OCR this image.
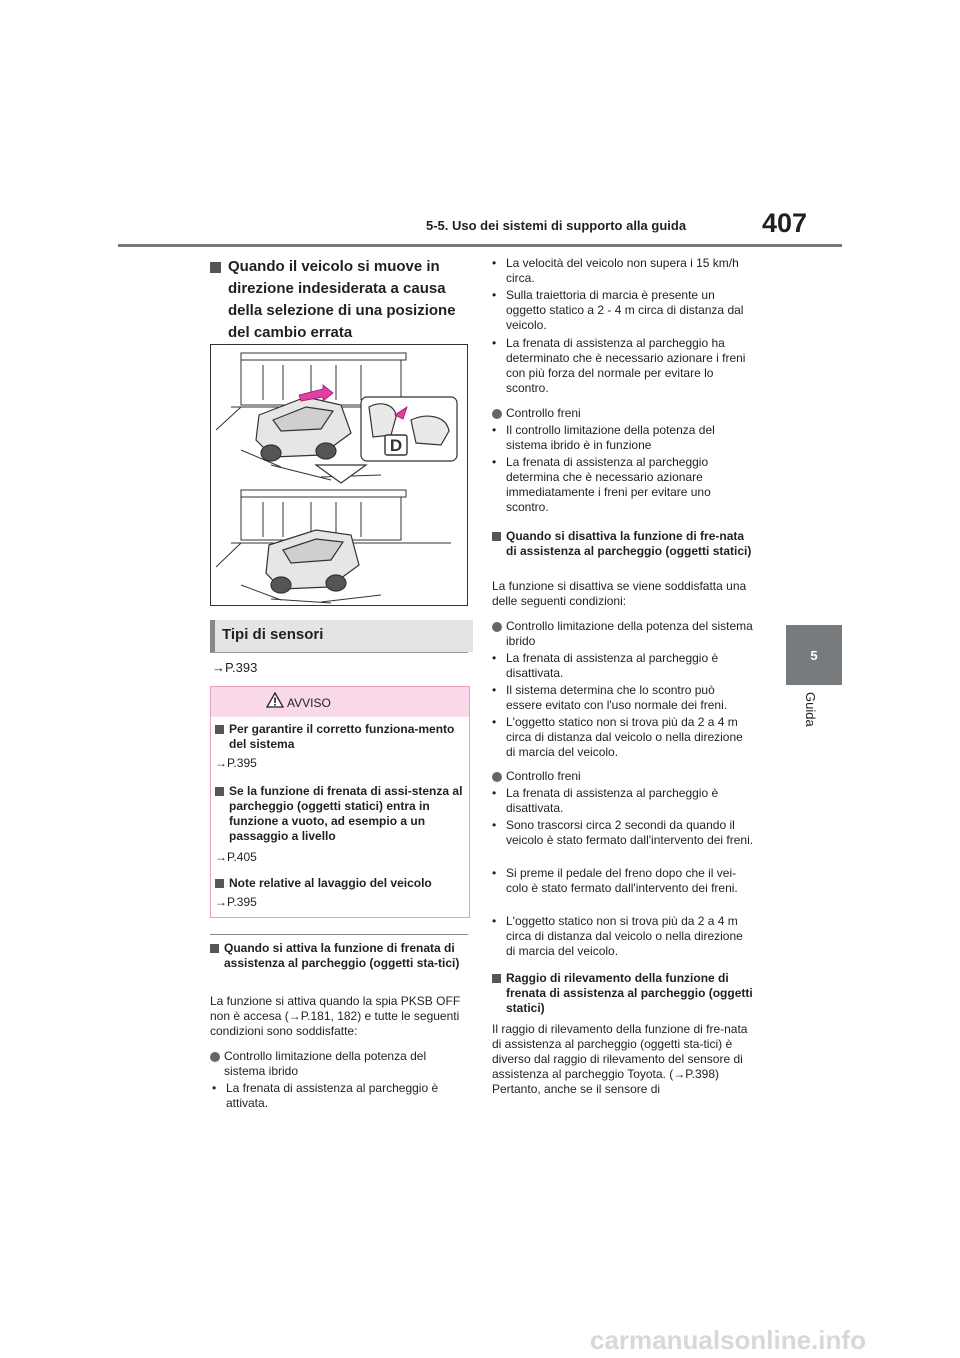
5-5. Uso dei sistemi di supporto alla guida	407
5
Guida
Quando il veicolo si muove in direzione indesiderata a causa della selezione di una posizione del cambio errata
D
→P.393
Tipi di sensori
AVVISO
Per garantire il corretto funziona-mento del sistema
→P.395
Se la funzione di frenata di assi-stenza al parcheggio (oggetti statici) entra in funzione a vuoto, ad esempio a un passaggio a livello
→P.405
Note relative al lavaggio del veicolo
→P.395
Quando si attiva la funzione di frenata di assistenza al parcheggio (oggetti sta-tici)
La funzione si attiva quando la spia PKSB OFF non è accesa (→P.181, 182) e tutte le seguenti condizioni sono soddisfatte:
Controllo limitazione della potenza del sistema ibrido
• La frenata di assistenza al parcheggio è attivata.
• La velocità del veicolo non supera i 15 km/h circa.
• Sulla traiettoria di marcia è presente un oggetto statico a 2 - 4 m circa di distanza dal veicolo.
• La frenata di assistenza al parcheggio ha determinato che è necessario azionare i freni con più forza del normale per evitare lo scontro.
Controllo freni
• Il controllo limitazione della potenza del sistema ibrido è in funzione
• La frenata di assistenza al parcheggio determina che è necessario azionare immediatamente i freni per evitare uno scontro.
Quando si disattiva la funzione di fre-nata di assistenza al parcheggio (oggetti statici)
La funzione si disattiva se viene soddisfatta una delle seguenti condizioni:
Controllo limitazione della potenza del sistema ibrido
• La frenata di assistenza al parcheggio è disattivata.
• Il sistema determina che lo scontro può essere evitato con l'uso normale dei freni.
• L'oggetto statico non si trova più da 2 a 4 m circa di distanza dal veicolo o nella direzione di marcia del veicolo.
Controllo freni
• La frenata di assistenza al parcheggio è disattivata.
• Sono trascorsi circa 2 secondi da quando il veicolo è stato fermato dall'intervento dei freni.
• Si preme il pedale del freno dopo che il vei-colo è stato fermato dall'intervento dei freni.
• L'oggetto statico non si trova più da 2 a 4 m circa di distanza dal veicolo o nella direzione di marcia del veicolo.
Raggio di rilevamento della funzione di frenata di assistenza al parcheggio (oggetti statici)
Il raggio di rilevamento della funzione di fre-nata di assistenza al parcheggio (oggetti sta-tici) è diverso dal raggio di rilevamento del sensore di assistenza al parcheggio Toyota. (→P.398) Pertanto, anche se il sensore di
carmanualsonline.info
